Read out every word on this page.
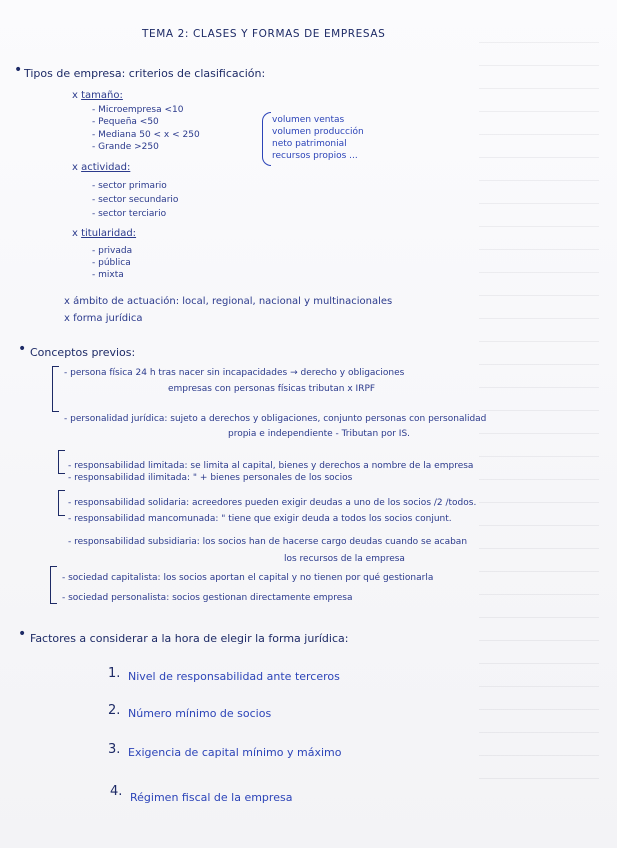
TEMA 2: CLASES Y FORMAS DE EMPRESAS
• Tipos de empresa: criterios de clasificación:
x tamaño:
- Microempresa <10
- Pequeña <50
- Mediana 50 < x < 250
- Grande >250
volumen ventas
volumen producción
neto patrimonial
recursos propios ...
x actividad:
- sector primario
- sector secundario
- sector terciario
x titularidad:
- privada
- pública
- mixta
x ámbito de actuación: local, regional, nacional y multinacionales
x forma jurídica
• Conceptos previos:
- persona física 24 h tras nacer sin incapacidades → derecho y obligaciones
empresas con personas físicas tributan x IRPF
- personalidad jurídica: sujeto a derechos y obligaciones, conjunto personas con personalidad
propia e independiente - Tributan por IS.
- responsabilidad limitada: se limita al capital, bienes y derechos a nombre de la empresa
- responsabilidad ilimitada: " + bienes personales de los socios
- responsabilidad solidaria: acreedores pueden exigir deudas a uno de los socios /2 /todos.
- responsabilidad mancomunada: " tiene que exigir deuda a todos los socios conjunt.
- responsabilidad subsidiaria: los socios han de hacerse cargo deudas cuando se acaban
los recursos de la empresa
- sociedad capitalista: los socios aportan el capital y no tienen por qué gestionarla
- sociedad personalista: socios gestionan directamente empresa
• Factores a considerar a la hora de elegir la forma jurídica:
1. Nivel de responsabilidad ante terceros
2. Número mínimo de socios
3. Exigencia de capital mínimo y máximo
4. Régimen fiscal de la empresa
